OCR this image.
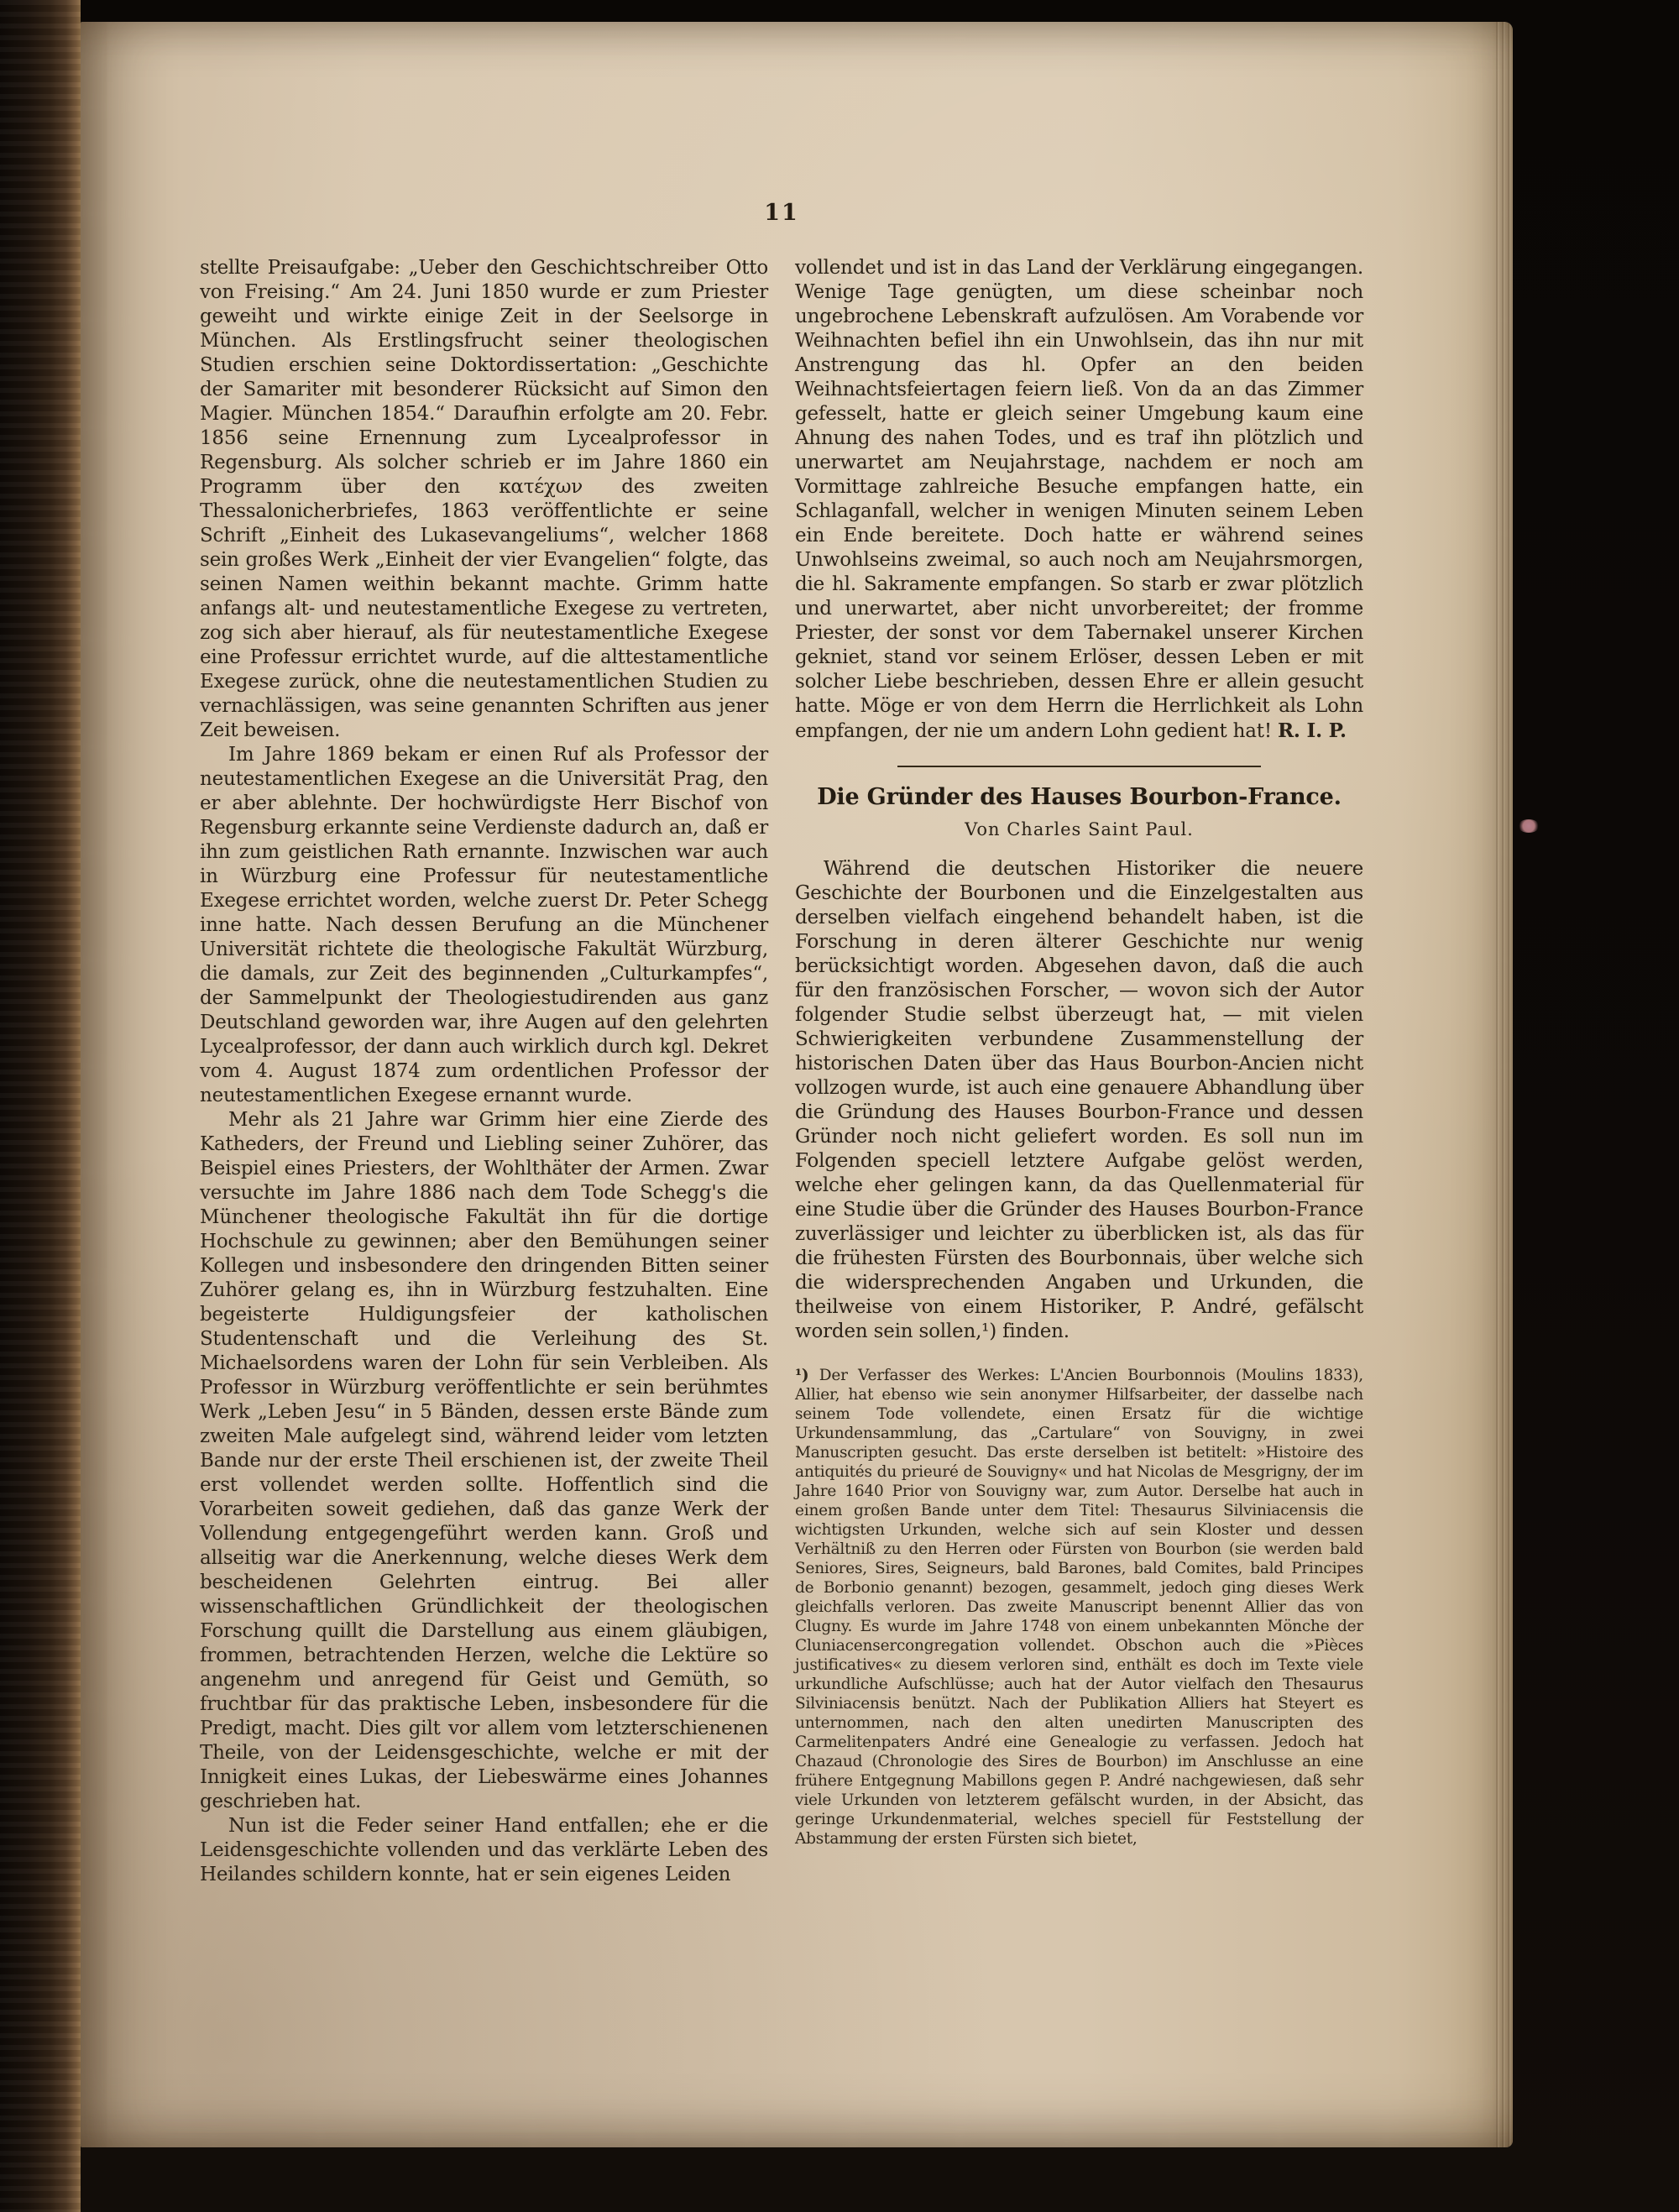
11

stellte Preisaufgabe: „Ueber den Geschichtschreiber Otto von Freising.“ Am 24. Juni 1850 wurde er zum Priester geweiht und wirkte einige Zeit in der Seelsorge in München. Als Erstlingsfrucht seiner theologischen Studien erschien seine Doktordissertation: „Geschichte der Samariter mit besonderer Rücksicht auf Simon den Magier. München 1854.“ Daraufhin erfolgte am 20. Febr. 1856 seine Ernennung zum Lycealprofessor in Regensburg. Als solcher schrieb er im Jahre 1860 ein Programm über den κατέχων des zweiten Thessalonicherbriefes, 1863 veröffentlichte er seine Schrift „Einheit des Lukasevangeliums“, welcher 1868 sein großes Werk „Einheit der vier Evangelien“ folgte, das seinen Namen weithin bekannt machte. Grimm hatte anfangs alt- und neutestamentliche Exegese zu vertreten, zog sich aber hierauf, als für neutestamentliche Exegese eine Professur errichtet wurde, auf die alttestamentliche Exegese zurück, ohne die neutestamentlichen Studien zu vernachlässigen, was seine genannten Schriften aus jener Zeit beweisen.

Im Jahre 1869 bekam er einen Ruf als Professor der neutestamentlichen Exegese an die Universität Prag, den er aber ablehnte. Der hochwürdigste Herr Bischof von Regensburg erkannte seine Verdienste dadurch an, daß er ihn zum geistlichen Rath ernannte. Inzwischen war auch in Würzburg eine Professur für neutestamentliche Exegese errichtet worden, welche zuerst Dr. Peter Schegg inne hatte. Nach dessen Berufung an die Münchener Universität richtete die theologische Fakultät Würzburg, die damals, zur Zeit des beginnenden „Culturkampfes“, der Sammelpunkt der Theologiestudirenden aus ganz Deutschland geworden war, ihre Augen auf den gelehrten Lycealprofessor, der dann auch wirklich durch kgl. Dekret vom 4. August 1874 zum ordentlichen Professor der neutestamentlichen Exegese ernannt wurde.

Mehr als 21 Jahre war Grimm hier eine Zierde des Katheders, der Freund und Liebling seiner Zuhörer, das Beispiel eines Priesters, der Wohlthäter der Armen. Zwar versuchte im Jahre 1886 nach dem Tode Schegg's die Münchener theologische Fakultät ihn für die dortige Hochschule zu gewinnen; aber den Bemühungen seiner Kollegen und insbesondere den dringenden Bitten seiner Zuhörer gelang es, ihn in Würzburg festzuhalten. Eine begeisterte Huldigungsfeier der katholischen Studentenschaft und die Verleihung des St. Michaelsordens waren der Lohn für sein Verbleiben. Als Professor in Würzburg veröffentlichte er sein berühmtes Werk „Leben Jesu“ in 5 Bänden, dessen erste Bände zum zweiten Male aufgelegt sind, während leider vom letzten Bande nur der erste Theil erschienen ist, der zweite Theil erst vollendet werden sollte. Hoffentlich sind die Vorarbeiten soweit gediehen, daß das ganze Werk der Vollendung entgegengeführt werden kann. Groß und allseitig war die Anerkennung, welche dieses Werk dem bescheidenen Gelehrten eintrug. Bei aller wissenschaftlichen Gründlichkeit der theologischen Forschung quillt die Darstellung aus einem gläubigen, frommen, betrachtenden Herzen, welche die Lektüre so angenehm und anregend für Geist und Gemüth, so fruchtbar für das praktische Leben, insbesondere für die Predigt, macht. Dies gilt vor allem vom letzterschienenen Theile, von der Leidensgeschichte, welche er mit der Innigkeit eines Lukas, der Liebeswärme eines Johannes geschrieben hat.

Nun ist die Feder seiner Hand entfallen; ehe er die Leidensgeschichte vollenden und das verklärte Leben des Heilandes schildern konnte, hat er sein eigenes Leiden

vollendet und ist in das Land der Verklärung eingegangen. Wenige Tage genügten, um diese scheinbar noch ungebrochene Lebenskraft aufzulösen. Am Vorabende vor Weihnachten befiel ihn ein Unwohlsein, das ihn nur mit Anstrengung das hl. Opfer an den beiden Weihnachtsfeiertagen feiern ließ. Von da an das Zimmer gefesselt, hatte er gleich seiner Umgebung kaum eine Ahnung des nahen Todes, und es traf ihn plötzlich und unerwartet am Neujahrstage, nachdem er noch am Vormittage zahlreiche Besuche empfangen hatte, ein Schlaganfall, welcher in wenigen Minuten seinem Leben ein Ende bereitete. Doch hatte er während seines Unwohlseins zweimal, so auch noch am Neujahrsmorgen, die hl. Sakramente empfangen. So starb er zwar plötzlich und unerwartet, aber nicht unvorbereitet; der fromme Priester, der sonst vor dem Tabernakel unserer Kirchen gekniet, stand vor seinem Erlöser, dessen Leben er mit solcher Liebe beschrieben, dessen Ehre er allein gesucht hatte. Möge er von dem Herrn die Herrlichkeit als Lohn empfangen, der nie um andern Lohn gedient hat! R. I. P.

Die Gründer des Hauses Bourbon-France.
Von Charles Saint Paul.

Während die deutschen Historiker die neuere Geschichte der Bourbonen und die Einzelgestalten aus derselben vielfach eingehend behandelt haben, ist die Forschung in deren älterer Geschichte nur wenig berücksichtigt worden. Abgesehen davon, daß die auch für den französischen Forscher, — wovon sich der Autor folgender Studie selbst überzeugt hat, — mit vielen Schwierigkeiten verbundene Zusammenstellung der historischen Daten über das Haus Bourbon-Ancien nicht vollzogen wurde, ist auch eine genauere Abhandlung über die Gründung des Hauses Bourbon-France und dessen Gründer noch nicht geliefert worden. Es soll nun im Folgenden speciell letztere Aufgabe gelöst werden, welche eher gelingen kann, da das Quellenmaterial für eine Studie über die Gründer des Hauses Bourbon-France zuverlässiger und leichter zu überblicken ist, als das für die frühesten Fürsten des Bourbonnais, über welche sich die widersprechenden Angaben und Urkunden, die theilweise von einem Historiker, P. André, gefälscht worden sein sollen,¹) finden.

¹) Der Verfasser des Werkes: L'Ancien Bourbonnois (Moulins 1833), Allier, hat ebenso wie sein anonymer Hilfsarbeiter, der dasselbe nach seinem Tode vollendete, einen Ersatz für die wichtige Urkundensammlung, das „Cartulare“ von Souvigny, in zwei Manuscripten gesucht. Das erste derselben ist betitelt: »Histoire des antiquités du prieuré de Souvigny« und hat Nicolas de Mesgrigny, der im Jahre 1640 Prior von Souvigny war, zum Autor. Derselbe hat auch in einem großen Bande unter dem Titel: Thesaurus Silviniacensis die wichtigsten Urkunden, welche sich auf sein Kloster und dessen Verhältniß zu den Herren oder Fürsten von Bourbon (sie werden bald Seniores, Sires, Seigneurs, bald Barones, bald Comites, bald Principes de Borbonio genannt) bezogen, gesammelt, jedoch ging dieses Werk gleichfalls verloren. Das zweite Manuscript benennt Allier das von Clugny. Es wurde im Jahre 1748 von einem unbekannten Mönche der Cluniacensercongregation vollendet. Obschon auch die »Pièces justificatives« zu diesem verloren sind, enthält es doch im Texte viele urkundliche Aufschlüsse; auch hat der Autor vielfach den Thesaurus Silviniacensis benützt. Nach der Publikation Alliers hat Steyert es unternommen, nach den alten unedirten Manuscripten des Carmelitenpaters André eine Genealogie zu verfassen. Jedoch hat Chazaud (Chronologie des Sires de Bourbon) im Anschlusse an eine frühere Entgegnung Mabillons gegen P. André nachgewiesen, daß sehr viele Urkunden von letzterem gefälscht wurden, in der Absicht, das geringe Urkundenmaterial, welches speciell für Feststellung der Abstammung der ersten Fürsten sich bietet,
